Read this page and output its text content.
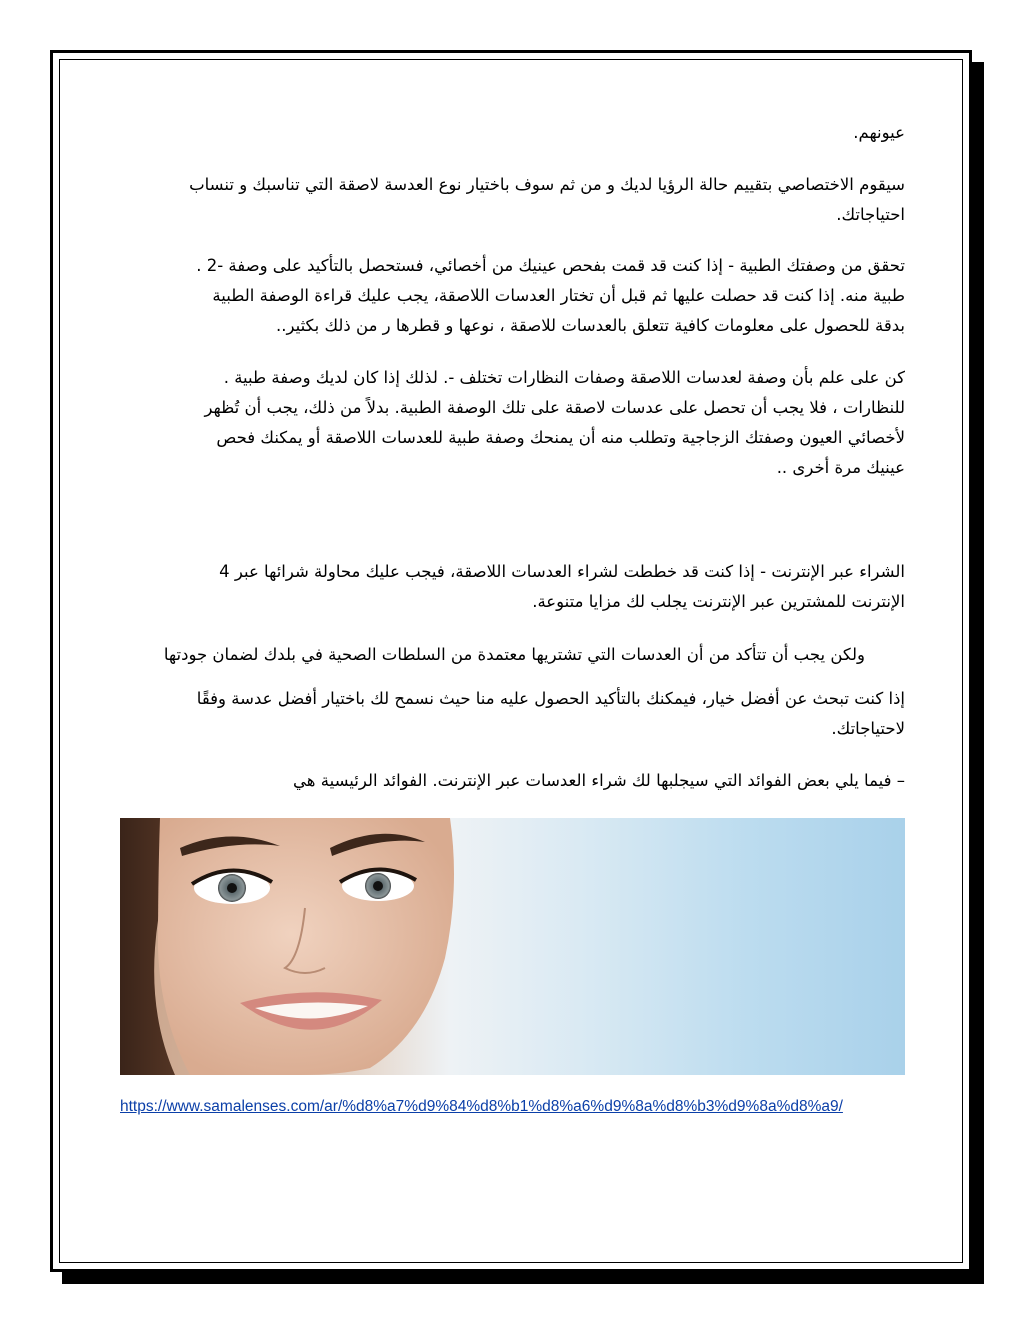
عيونهم.

سيقوم الاختصاصي بتقييم حالة الرؤيا لديك و من ثم سوف باختيار نوع العدسة لاصقة التي تناسبك و تنساب
احتياجاتك.

تحقق من وصفتك الطبية - إذا كنت قد قمت بفحص عينيك من أخصائي، فستحصل بالتأكيد على وصفة -2 .
طبية منه. إذا كنت قد حصلت عليها ثم قبل أن تختار العدسات اللاصقة، يجب عليك قراءة الوصفة الطبية
بدقة للحصول على معلومات كافية تتعلق بالعدسات للاصقة ، نوعها و قطرها ر من ذلك بكثير..

كن على علم بأن وصفة لعدسات اللاصقة وصفات النظارات تختلف -. لذلك إذا كان لديك وصفة طبية .
للنظارات ، فلا يجب أن تحصل على عدسات لاصقة على تلك الوصفة الطبية. بدلاً من ذلك، يجب أن تُظهر
لأخصائي العيون وصفتك الزجاجية وتطلب منه أن يمنحك وصفة طبية للعدسات اللاصقة أو يمكنك فحص
عينيك مرة أخرى ..

الشراء عبر الإنترنت - إذا كنت قد خططت لشراء العدسات اللاصقة، فيجب عليك محاولة شرائها عبر 4
الإنترنت للمشترين عبر الإنترنت يجلب لك مزايا متنوعة.

ولكن يجب أن تتأكد من أن العدسات التي تشتريها معتمدة من السلطات الصحية في بلدك لضمان جودتها

إذا كنت تبحث عن أفضل خيار، فيمكنك بالتأكيد الحصول عليه منا حيث نسمح لك باختيار أفضل عدسة وفقًا
لاحتياجاتك.

– فيما يلي بعض الفوائد التي سيجلبها لك شراء العدسات عبر الإنترنت. الفوائد الرئيسية هي

https://www.samalenses.com/ar/%d8%a7%d9%84%d8%b1%d8%a6%d9%8a%d8%b3%d9%8a%d8%a9/
